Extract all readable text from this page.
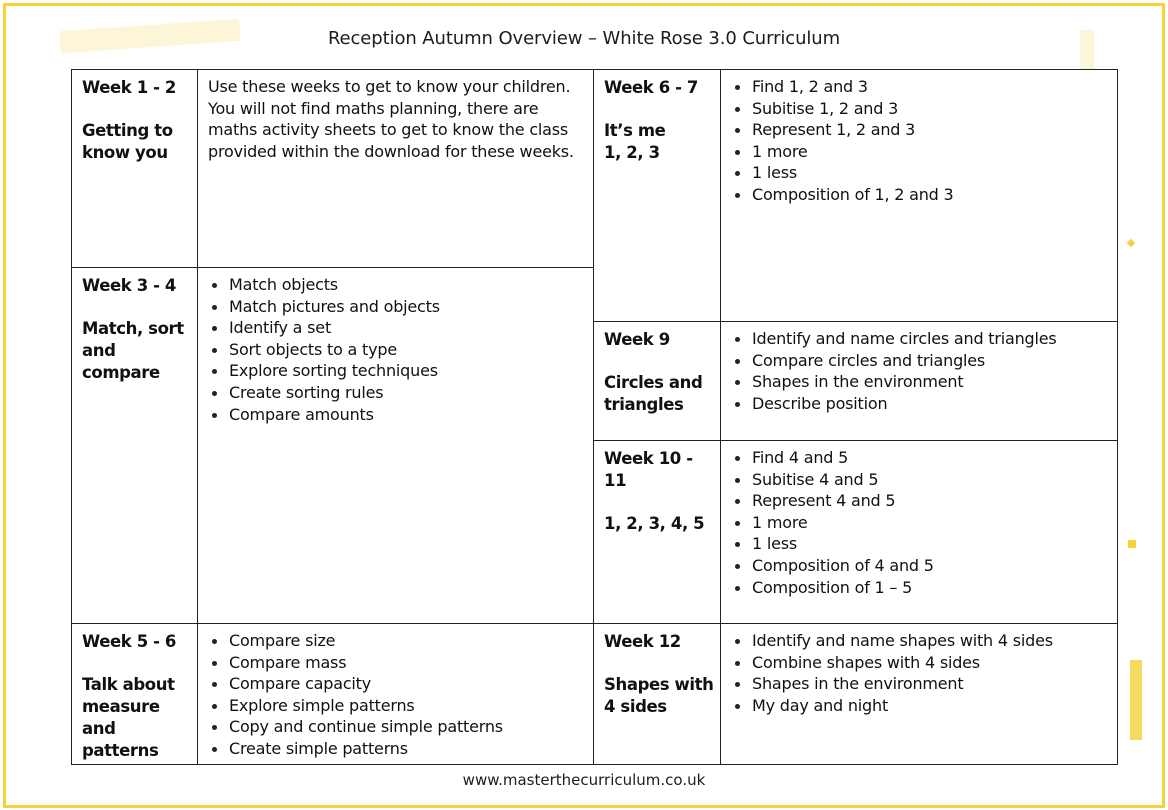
Reception Autumn Overview – White Rose 3.0 Curriculum
Week 1 - 2
Getting to know you

Use these weeks to get to know your children. You will not find maths planning, there are maths activity sheets to get to know the class provided within the download for these weeks.

Week 3 - 4
Match, sort and compare
Match objects
Match pictures and objects
Identify a set
Sort objects to a type
Explore sorting techniques
Create sorting rules
Compare amounts
Week 5 - 6
Talk about measure and patterns
Compare size
Compare mass
Compare capacity
Explore simple patterns
Copy and continue simple patterns
Create simple patterns
Week 6 - 7
It’s me 1, 2, 3
Find 1, 2 and 3
Subitise 1, 2 and 3
Represent 1, 2 and 3
1 more
1 less
Composition of 1, 2 and 3
Week 9
Circles and triangles
Identify and name circles and triangles
Compare circles and triangles
Shapes in the environment
Describe position
Week 10 - 11
1, 2, 3, 4, 5
Find 4 and 5
Subitise 4 and 5
Represent 4 and 5
1 more
1 less
Composition of 4 and 5
Composition of 1 – 5
Week 12
Shapes with 4 sides
Identify and name shapes with 4 sides
Combine shapes with 4 sides
Shapes in the environment
My day and night
www.masterthecurriculum.co.uk
